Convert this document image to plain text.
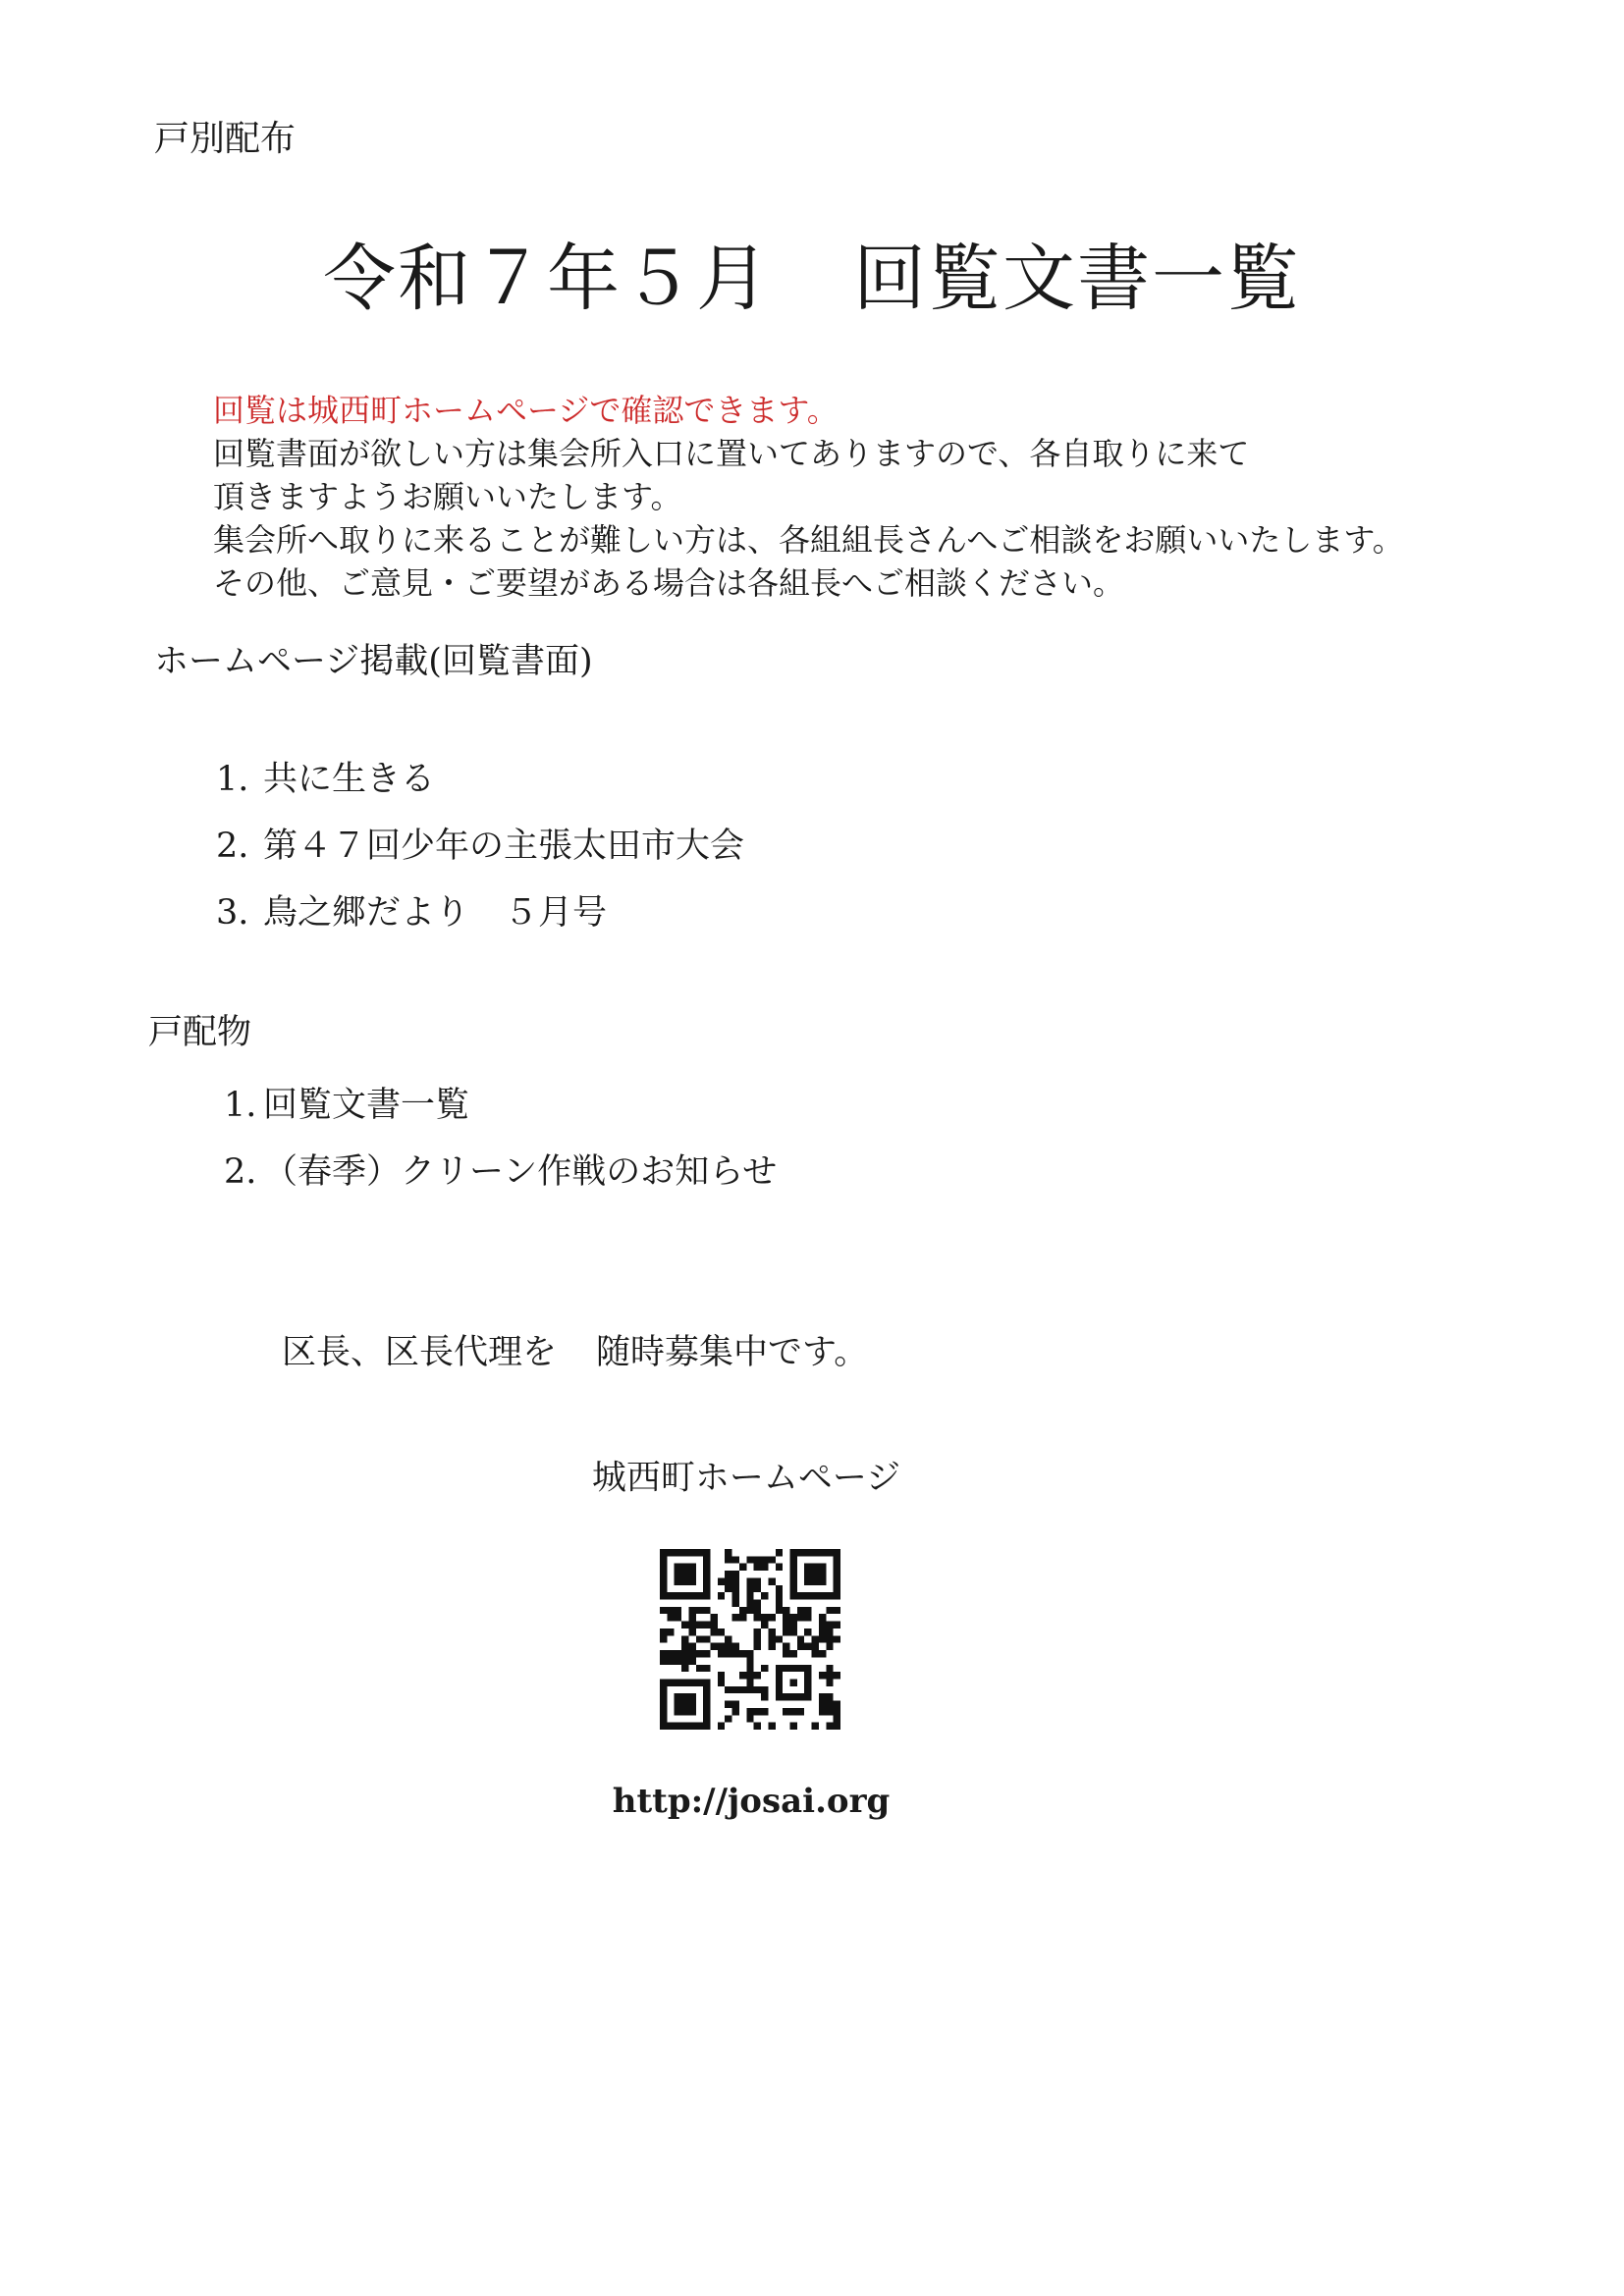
戸別配布
令和７年５月 回覧文書一覧
回覧は城西町ホームページで確認できます。
回覧書面が欲しい方は集会所入口に置いてありますので、各自取りに来て
頂きますようお願いいたします。
集会所へ取りに来ることが難しい方は、各組組長さんへご相談をお願いいたします。
その他、ご意見・ご要望がある場合は各組長へご相談ください。
ホームページ掲載(回覧書面)
1. 共に生きる
2. 第４７回少年の主張太田市大会
3. 鳥之郷だより　５月号
戸配物
1. 回覧文書一覧
2. （春季）クリーン作戦のお知らせ
区長、区長代理を 随時募集中です。
城西町ホームページ
http://josai.org
